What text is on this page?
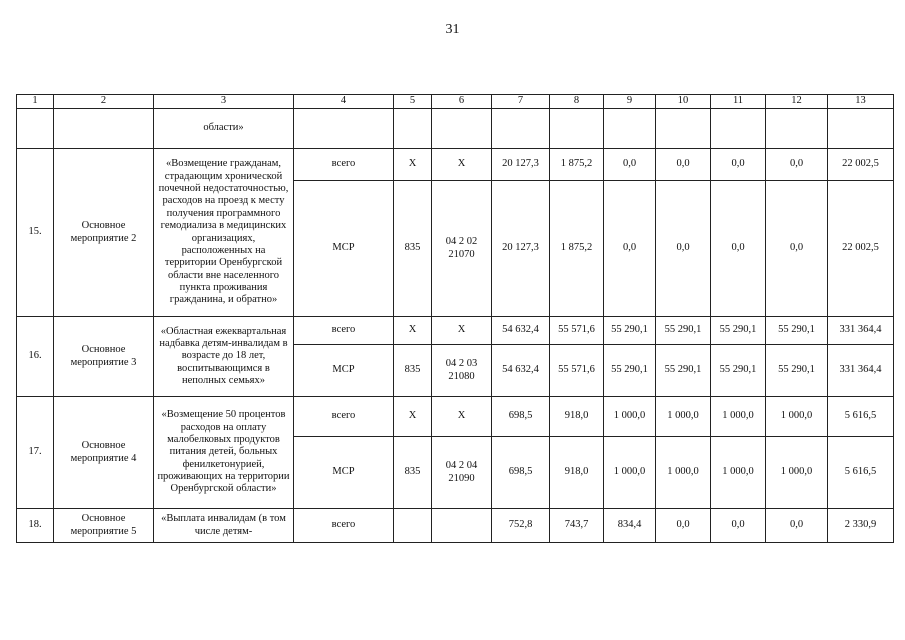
31
1	2	3	4	5	6	7	8	9	10	11	12	13
		области»										
15.	Основное мероприятие 2	«Возмещение гражданам, страдающим хронической почечной недостаточностью, расходов на проезд к месту получения программного гемодиализа в медицинских организациях, расположенных на территории Оренбургской области вне населенного пункта проживания гражданина, и обратно»	всего	Х	Х	20 127,3	1 875,2	0,0	0,0	0,0	0,0	22 002,5
			МСР	835	04 2 02 21070	20 127,3	1 875,2	0,0	0,0	0,0	0,0	22 002,5
16.	Основное мероприятие 3	«Областная ежеквартальная надбавка детям-инвалидам в возрасте до 18 лет, воспитывающимся в неполных семьях»	всего	Х	Х	54 632,4	55 571,6	55 290,1	55 290,1	55 290,1	55 290,1	331 364,4
			МСР	835	04 2 03 21080	54 632,4	55 571,6	55 290,1	55 290,1	55 290,1	55 290,1	331 364,4
17.	Основное мероприятие 4	«Возмещение 50 процентов расходов на оплату малобелковых продуктов питания детей, больных фенилкетонурией, проживающих на территории Оренбургской области»	всего	Х	Х	698,5	918,0	1 000,0	1 000,0	1 000,0	1 000,0	5 616,5
			МСР	835	04 2 04 21090	698,5	918,0	1 000,0	1 000,0	1 000,0	1 000,0	5 616,5
18.	Основное мероприятие 5	«Выплата инвалидам (в том числе детям-	всего			752,8	743,7	834,4	0,0	0,0	0,0	2 330,9
